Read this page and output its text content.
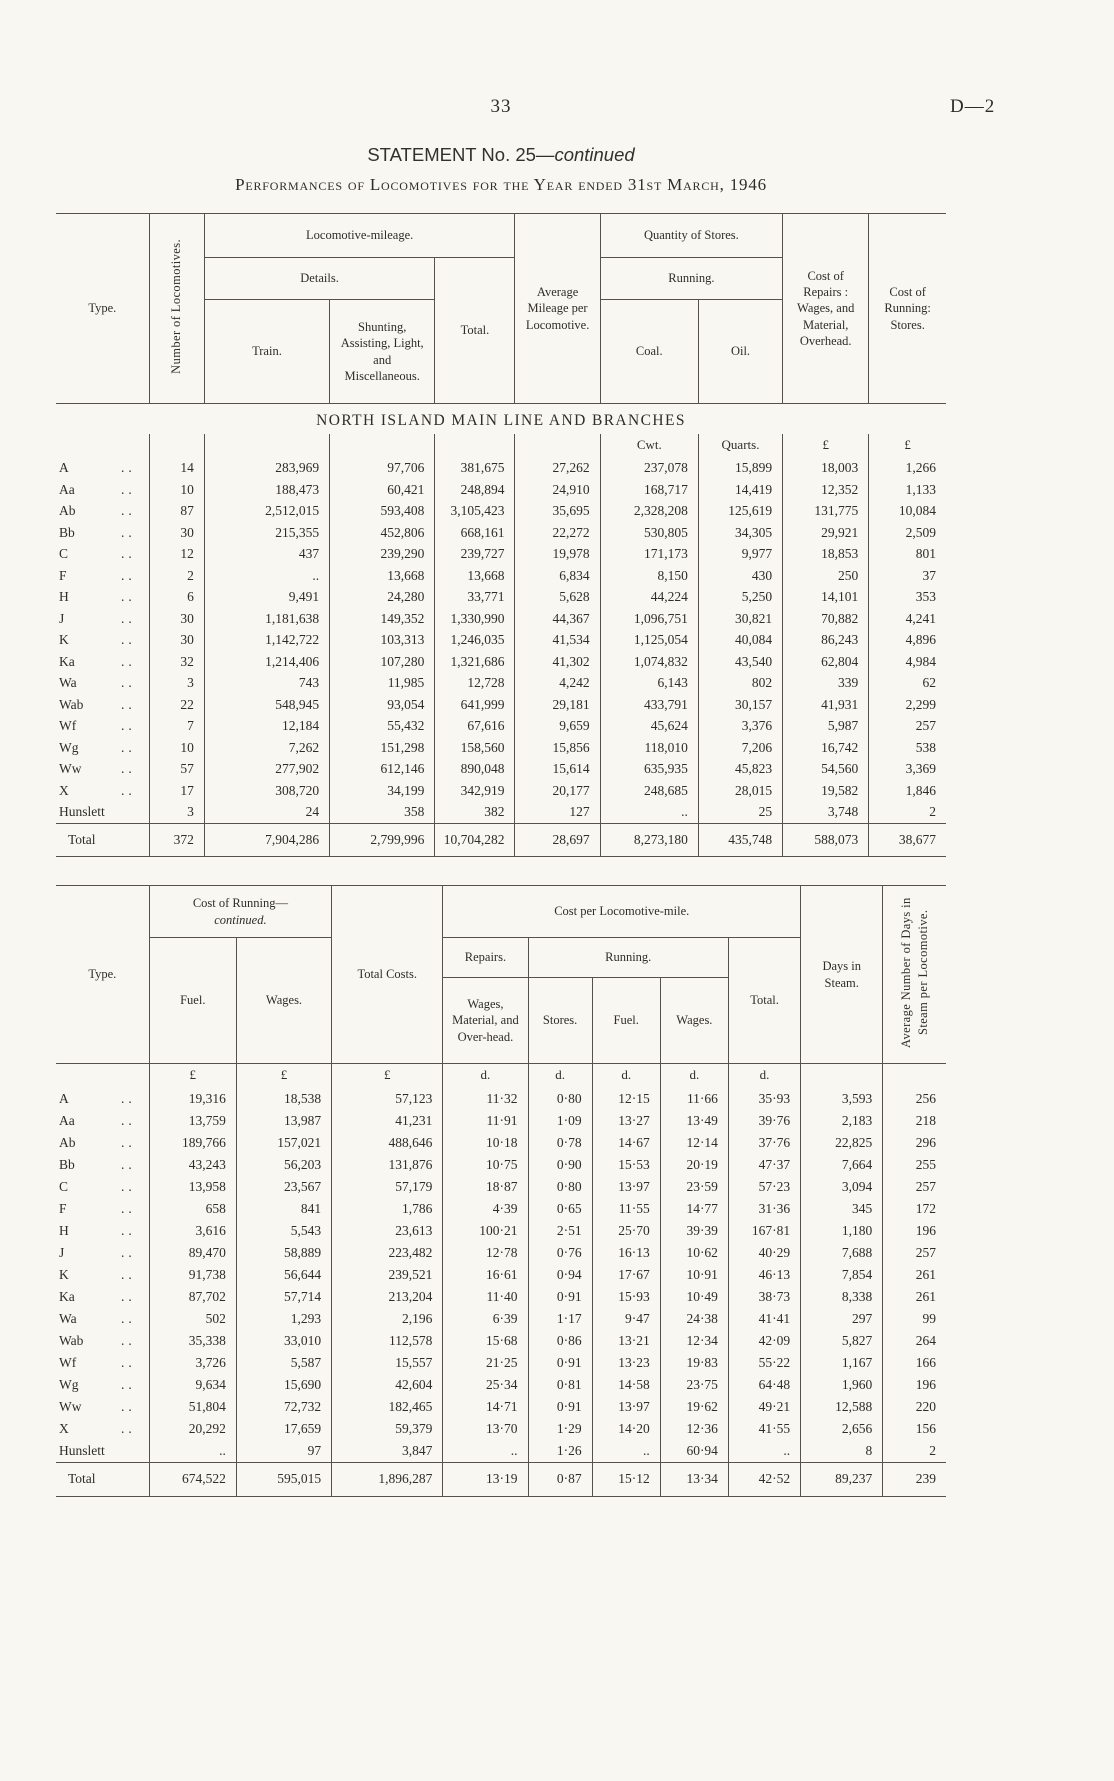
33	D—2
STATEMENT No. 25—continued
Performances of Locomotives for the Year ended 31st March, 1946
Type.	Number of Locomotives.	Locomotive-mileage.			Average Mileage per Locomotive.	Quantity of Stores.		Cost of Repairs : Wages, and Material, Overhead.	Cost of Running: Stores.
		Details.		Total.		Running.			
		Train.	Shunting, Assisting, Light, and Miscellaneous.			Coal.	Oil.		
NORTH ISLAND MAIN LINE AND BRANCHES									
						Cwt.	Quarts.	£	£
A ..	14	283,969	97,706	381,675	27,262	237,078	15,899	18,003	1,266
Aa ..	10	188,473	60,421	248,894	24,910	168,717	14,419	12,352	1,133
Ab ..	87	2,512,015	593,408	3,105,423	35,695	2,328,208	125,619	131,775	10,084
Bb ..	30	215,355	452,806	668,161	22,272	530,805	34,305	29,921	2,509
C ..	12	437	239,290	239,727	19,978	171,173	9,977	18,853	801
F ..	2	..	13,668	13,668	6,834	8,150	430	250	37
H ..	6	9,491	24,280	33,771	5,628	44,224	5,250	14,101	353
J ..	30	1,181,638	149,352	1,330,990	44,367	1,096,751	30,821	70,882	4,241
K ..	30	1,142,722	103,313	1,246,035	41,534	1,125,054	40,084	86,243	4,896
Ka ..	32	1,214,406	107,280	1,321,686	41,302	1,074,832	43,540	62,804	4,984
Wa ..	3	743	11,985	12,728	4,242	6,143	802	339	62
Wab ..	22	548,945	93,054	641,999	29,181	433,791	30,157	41,931	2,299
Wf ..	7	12,184	55,432	67,616	9,659	45,624	3,376	5,987	257
Wg ..	10	7,262	151,298	158,560	15,856	118,010	7,206	16,742	538
Ww ..	57	277,902	612,146	890,048	15,614	635,935	45,823	54,560	3,369
X ..	17	308,720	34,199	342,919	20,177	248,685	28,015	19,582	1,846
Hunslett	3	24	358	382	127	..	25	3,748	2
Total	372	7,904,286	2,799,996	10,704,282	28,697	8,273,180	435,748	588,073	38,677
Type.	Cost of Running—
continued.		Total Costs.	Cost per Locomotive-mile.					Days in Steam.	Average Number of Days in Steam per Locomotive.
	Fuel.	Wages.		Repairs.	Running.			Total.		
				Wages, Material, and Over-head.	Stores.	Fuel.	Wages.			
	£	£	£	d.	d.	d.	d.	d.		
A ..	19,316	18,538	57,123	11·32	0·80	12·15	11·66	35·93	3,593	256
Aa ..	13,759	13,987	41,231	11·91	1·09	13·27	13·49	39·76	2,183	218
Ab ..	189,766	157,021	488,646	10·18	0·78	14·67	12·14	37·76	22,825	296
Bb ..	43,243	56,203	131,876	10·75	0·90	15·53	20·19	47·37	7,664	255
C ..	13,958	23,567	57,179	18·87	0·80	13·97	23·59	57·23	3,094	257
F ..	658	841	1,786	4·39	0·65	11·55	14·77	31·36	345	172
H ..	3,616	5,543	23,613	100·21	2·51	25·70	39·39	167·81	1,180	196
J ..	89,470	58,889	223,482	12·78	0·76	16·13	10·62	40·29	7,688	257
K ..	91,738	56,644	239,521	16·61	0·94	17·67	10·91	46·13	7,854	261
Ka ..	87,702	57,714	213,204	11·40	0·91	15·93	10·49	38·73	8,338	261
Wa ..	502	1,293	2,196	6·39	1·17	9·47	24·38	41·41	297	99
Wab ..	35,338	33,010	112,578	15·68	0·86	13·21	12·34	42·09	5,827	264
Wf ..	3,726	5,587	15,557	21·25	0·91	13·23	19·83	55·22	1,167	166
Wg ..	9,634	15,690	42,604	25·34	0·81	14·58	23·75	64·48	1,960	196
Ww ..	51,804	72,732	182,465	14·71	0·91	13·97	19·62	49·21	12,588	220
X ..	20,292	17,659	59,379	13·70	1·29	14·20	12·36	41·55	2,656	156
Hunslett	..	97	3,847	..	1·26	..	60·94	..	8	2
Total	674,522	595,015	1,896,287	13·19	0·87	15·12	13·34	42·52	89,237	239
